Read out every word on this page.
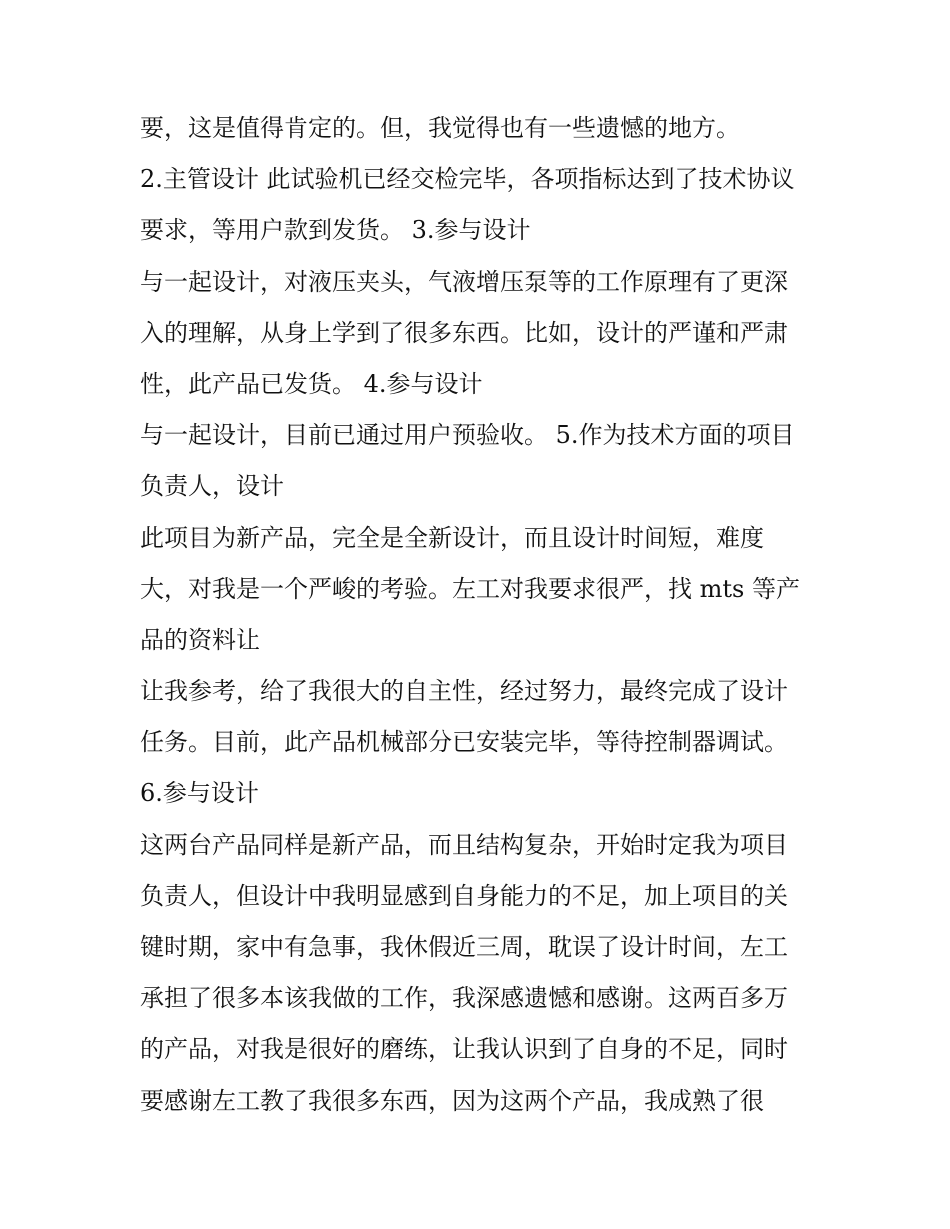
要，这是值得肯定的。但，我觉得也有一些遗憾的地方。
2.主管设计 此试验机已经交检完毕，各项指标达到了技术协议
要求，等用户款到发货。 3.参与设计
与一起设计，对液压夹头，气液增压泵等的工作原理有了更深
入的理解，从身上学到了很多东西。比如，设计的严谨和严肃
性，此产品已发货。 4.参与设计
与一起设计，目前已通过用户预验收。 5.作为技术方面的项目
负责人，设计
此项目为新产品，完全是全新设计，而且设计时间短，难度
大，对我是一个严峻的考验。左工对我要求很严，找 mts 等产
品的资料让
让我参考，给了我很大的自主性，经过努力，最终完成了设计
任务。目前，此产品机械部分已安装完毕，等待控制器调试。
6.参与设计
这两台产品同样是新产品，而且结构复杂，开始时定我为项目
负责人，但设计中我明显感到自身能力的不足，加上项目的关
键时期，家中有急事，我休假近三周，耽误了设计时间，左工
承担了很多本该我做的工作，我深感遗憾和感谢。这两百多万
的产品，对我是很好的磨练，让我认识到了自身的不足，同时
要感谢左工教了我很多东西，因为这两个产品，我成熟了很
